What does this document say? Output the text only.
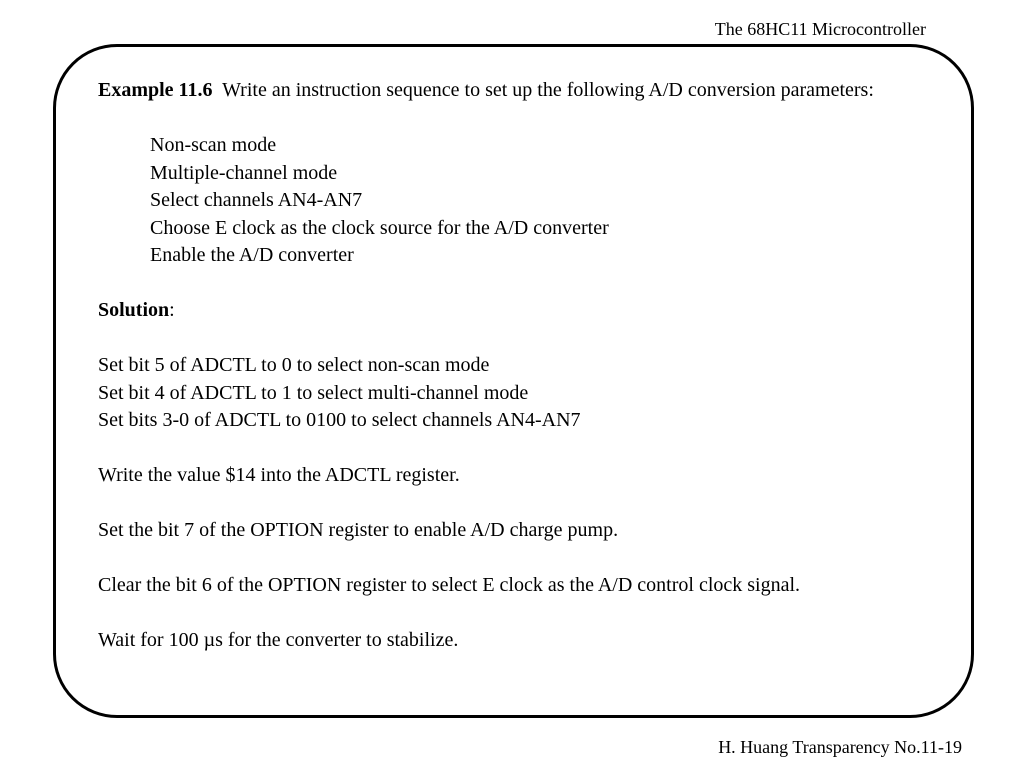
The 68HC11 Microcontroller
Example 11.6 Write an instruction sequence to set up the following A/D conversion parameters:
Non-scan mode
Multiple-channel mode
Select channels AN4-AN7
Choose E clock as the clock source for the A/D converter
Enable the A/D converter
Solution:
Set bit 5 of ADCTL to 0 to select non-scan mode
Set bit 4 of ADCTL to 1 to select multi-channel mode
Set bits 3-0 of ADCTL to 0100 to select channels AN4-AN7
Write the value $14 into the ADCTL register.
Set the bit 7 of the OPTION register to enable A/D charge pump.
Clear the bit 6 of the OPTION register to select E clock as the A/D control clock signal.
Wait for 100 µs for the converter to stabilize.
H. Huang Transparency No.11-19
